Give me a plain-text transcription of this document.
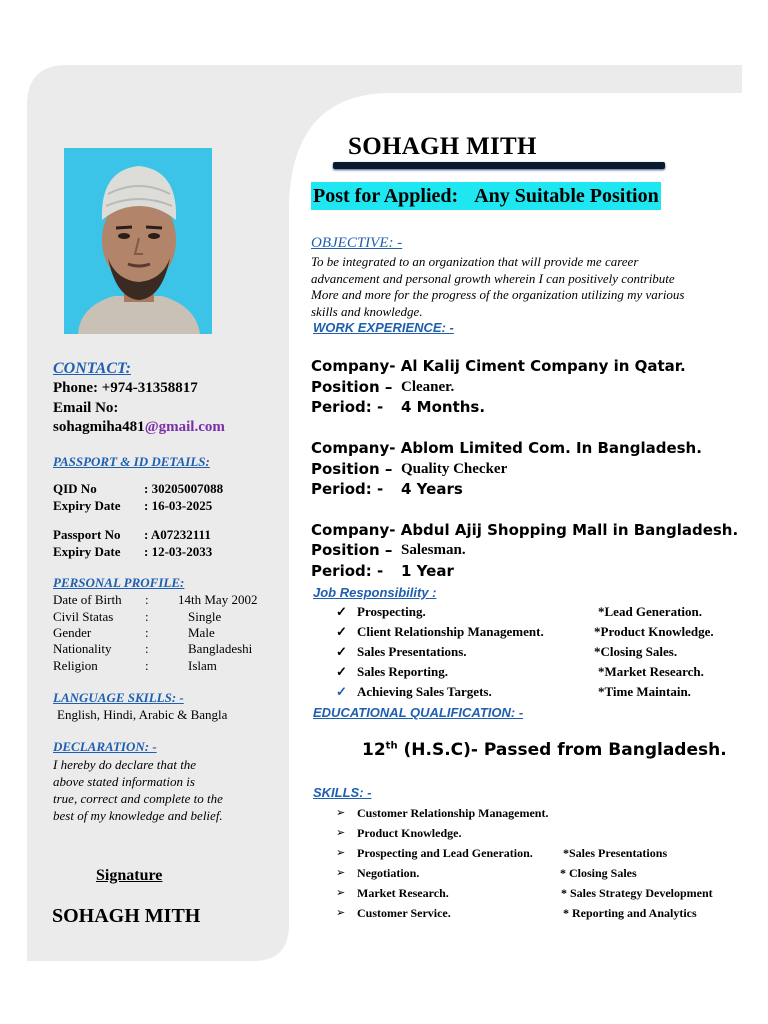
CONTACT:
Phone: +974-31358817
Email No:
sohagmiha481@gmail.com
PASSPORT & ID DETAILS:
QID No	: 30205007088
Expiry Date : 16-03-2025
Passport No : A07232111
Expiry Date : 12-03-2033
PERSONAL PROFILE:
Date of Birth : 14th May 2002
Civil Statas :	Single
Gender	:	Male
Nationality	:	Bangladeshi
Religion	:	Islam
LANGUAGE SKILLS: -
English, Hindi, Arabic & Bangla
DECLARATION: -
I hereby do declare that the
above stated information is
true, correct and complete to the
best of my knowledge and belief.
Signature
SOHAGH MITH
SOHAGH MITH
Post for Applied: Any Suitable Position
OBJECTIVE: -
To be integrated to an organization that will provide me career
advancement and personal growth wherein I can positively contribute
More and more for the progress of the organization utilizing my various
skills and knowledge.
WORK EXPERIENCE: -
Company- Al Kalij Ciment Company in Qatar.
Position – Cleaner.
Period: - 4 Months.
Company- Ablom Limited Com. In Bangladesh.
Position – Quality Checker
Period: - 4 Years
Company- Abdul Ajij Shopping Mall in Bangladesh.
Position – Salesman.
Period: - 1 Year
Job Responsibility :
✓ Prospecting.	*Lead Generation.
✓ Client Relationship Management.	*Product Knowledge.
✓ Sales Presentations.	*Closing Sales.
✓ Sales Reporting.	*Market Research.
✓ Achieving Sales Targets.	*Time Maintain.
EDUCATIONAL QUALIFICATION: -
12th (H.S.C)- Passed from Bangladesh.
SKILLS: -
➢ Customer Relationship Management.
➢ Product Knowledge.
➢ Prospecting and Lead Generation.	*Sales Presentations
➢ Negotiation.	* Closing Sales
➢ Market Research.	* Sales Strategy Development
➢ Customer Service.	* Reporting and Analytics
